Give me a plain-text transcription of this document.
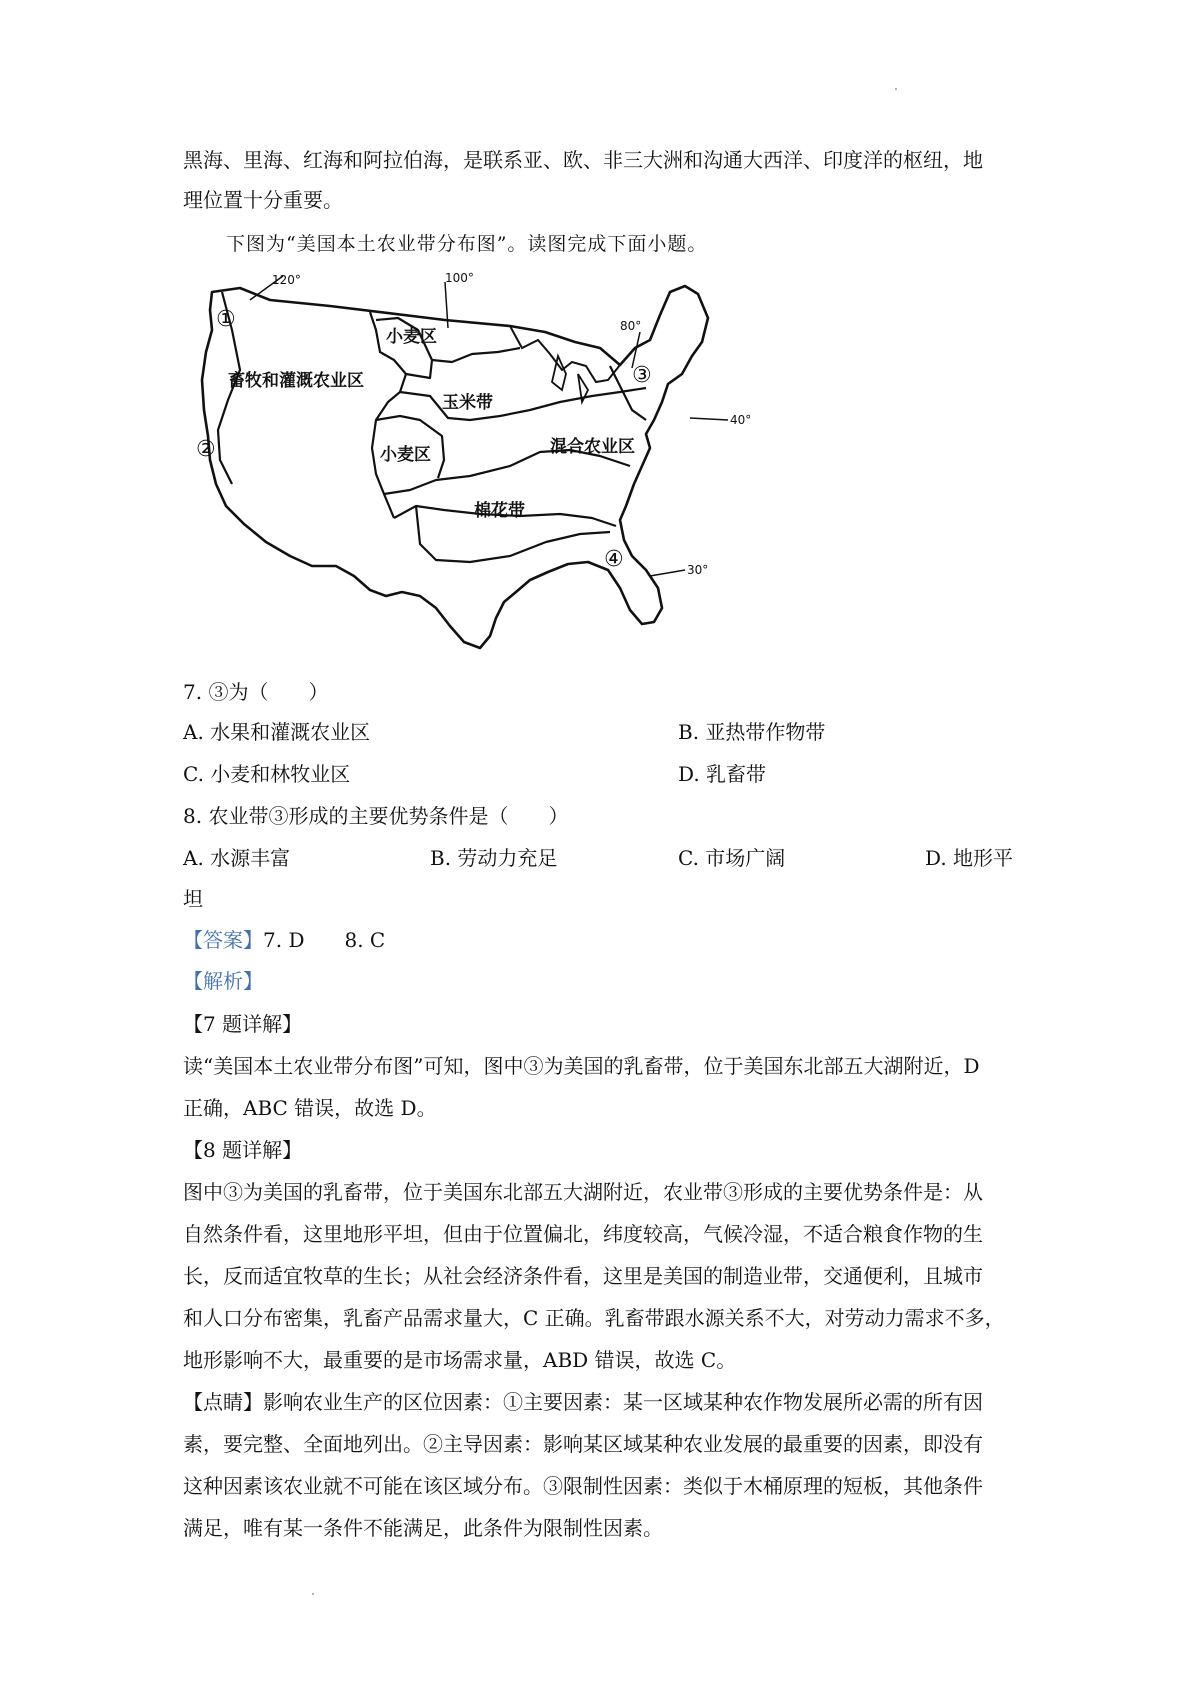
黑海、里海、红海和阿拉伯海，是联系亚、欧、非三大洲和沟通大西洋、印度洋的枢纽，地
理位置十分重要。
下图为“美国本土农业带分布图”。读图完成下面小题。
120°	100°
80°
40°
30°
畜牧和灌溉农业区
小麦区
玉米带
小麦区	混合农业区
棉花带
①
②
③
④
7. ③为（　　）
A. 水果和灌溉农业区	B. 亚热带作物带
C. 小麦和林牧业区	D. 乳畜带
8. 农业带③形成的主要优势条件是（　　）
A. 水源丰富	B. 劳动力充足	C. 市场广阔	D. 地形平
坦
【答案】7. D　　8. C
【解析】
【7 题详解】
读“美国本土农业带分布图”可知，图中③为美国的乳畜带，位于美国东北部五大湖附近，D
正确，ABC 错误，故选 D。
【8 题详解】
图中③为美国的乳畜带，位于美国东北部五大湖附近，农业带③形成的主要优势条件是：从
自然条件看，这里地形平坦，但由于位置偏北，纬度较高，气候冷湿，不适合粮食作物的生
长，反而适宜牧草的生长；从社会经济条件看，这里是美国的制造业带，交通便利，且城市
和人口分布密集，乳畜产品需求量大，C 正确。乳畜带跟水源关系不大，对劳动力需求不多，
地形影响不大，最重要的是市场需求量，ABD 错误，故选 C。
【点睛】影响农业生产的区位因素：①主要因素：某一区域某种农作物发展所必需的所有因
素，要完整、全面地列出。②主导因素：影响某区域某种农业发展的最重要的因素，即没有
这种因素该农业就不可能在该区域分布。③限制性因素：类似于木桶原理的短板，其他条件
满足，唯有某一条件不能满足，此条件为限制性因素。
